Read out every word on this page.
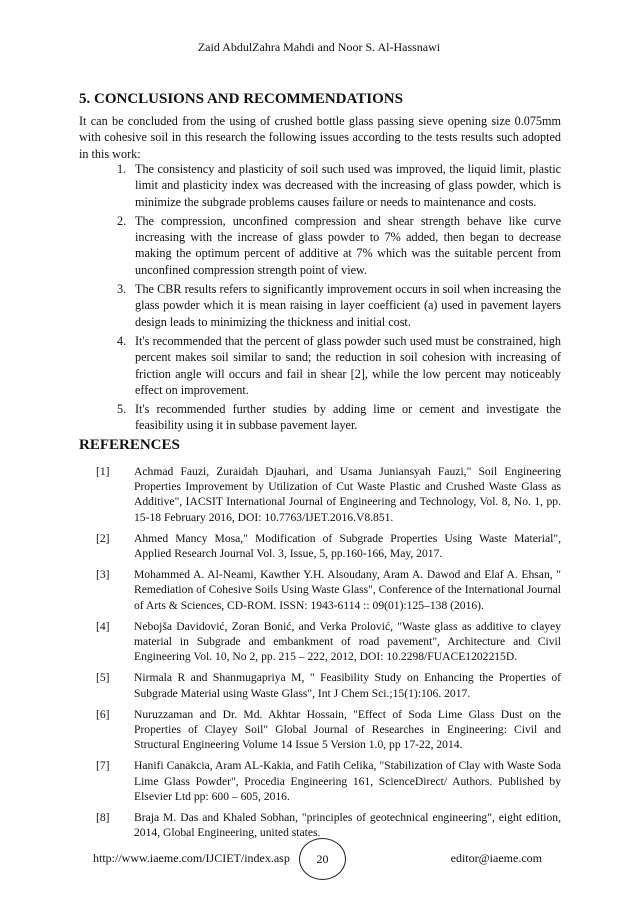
Zaid AbdulZahra Mahdi and Noor S. Al-Hassnawi
5. CONCLUSIONS AND RECOMMENDATIONS
It can be concluded from the using of crushed bottle glass passing sieve opening size 0.075mm with cohesive soil in this research the following issues according to the tests results such adopted in this work:
1. The consistency and plasticity of soil such used was improved, the liquid limit, plastic limit and plasticity index was decreased with the increasing of glass powder, which is minimize the subgrade problems causes failure or needs to maintenance and costs.
2. The compression, unconfined compression and shear strength behave like curve increasing with the increase of glass powder to 7% added, then began to decrease making the optimum percent of additive at 7% which was the suitable percent from unconfined compression strength point of view.
3. The CBR results refers to significantly improvement occurs in soil when increasing the glass powder which it is mean raising in layer coefficient (a) used in pavement layers design leads to minimizing the thickness and initial cost.
4. It's recommended that the percent of glass powder such used must be constrained, high percent makes soil similar to sand; the reduction in soil cohesion with increasing of friction angle will occurs and fail in shear [2], while the low percent may noticeably effect on improvement.
5. It's recommended further studies by adding lime or cement and investigate the feasibility using it in subbase pavement layer.
REFERENCES
[1] Achmad Fauzi, Zuraidah Djauhari, and Usama Juniansyah Fauzi," Soil Engineering Properties Improvement by Utilization of Cut Waste Plastic and Crushed Waste Glass as Additive", IACSIT International Journal of Engineering and Technology, Vol. 8, No. 1, pp. 15-18 February 2016, DOI: 10.7763/IJET.2016.V8.851.
[2] Ahmed Mancy Mosa," Modification of Subgrade Properties Using Waste Material", Applied Research Journal Vol. 3, Issue, 5, pp.160-166, May, 2017.
[3] Mohammed A. Al-Neami, Kawther Y.H. Alsoudany, Aram A. Dawod and Elaf A. Ehsan, " Remediation of Cohesive Soils Using Waste Glass", Conference of the International Journal of Arts & Sciences, CD-ROM. ISSN: 1943-6114 :: 09(01):125–138 (2016).
[4] Nebojša Davidović, Zoran Bonić, and Verka Prolović, "Waste glass as additive to clayey material in Subgrade and embankment of road pavement", Architecture and Civil Engineering Vol. 10, No 2, pp. 215 – 222, 2012, DOI: 10.2298/FUACE1202215D.
[5] Nirmala R and Shanmugapriya M, " Feasibility Study on Enhancing the Properties of Subgrade Material using Waste Glass", Int J Chem Sci.;15(1):106. 2017.
[6] Nuruzzaman and Dr. Md. Akhtar Hossain, "Effect of Soda Lime Glass Dust on the Properties of Clayey Soil" Global Journal of Researches in Engineering: Civil and Structural Engineering Volume 14 Issue 5 Version 1.0, pp 17-22, 2014.
[7] Hanifi Canakcia, Aram AL-Kakia, and Fatih Celika, "Stabilization of Clay with Waste Soda Lime Glass Powder", Procedia Engineering 161, ScienceDirect/ Authors. Published by Elsevier Ltd pp: 600 – 605, 2016.
[8] Braja M. Das and Khaled Sobhan, "principles of geotechnical engineering", eight edition, 2014, Global Engineering, united states.
http://www.iaeme.com/IJCIET/index.asp 20	editor@iaeme.com
